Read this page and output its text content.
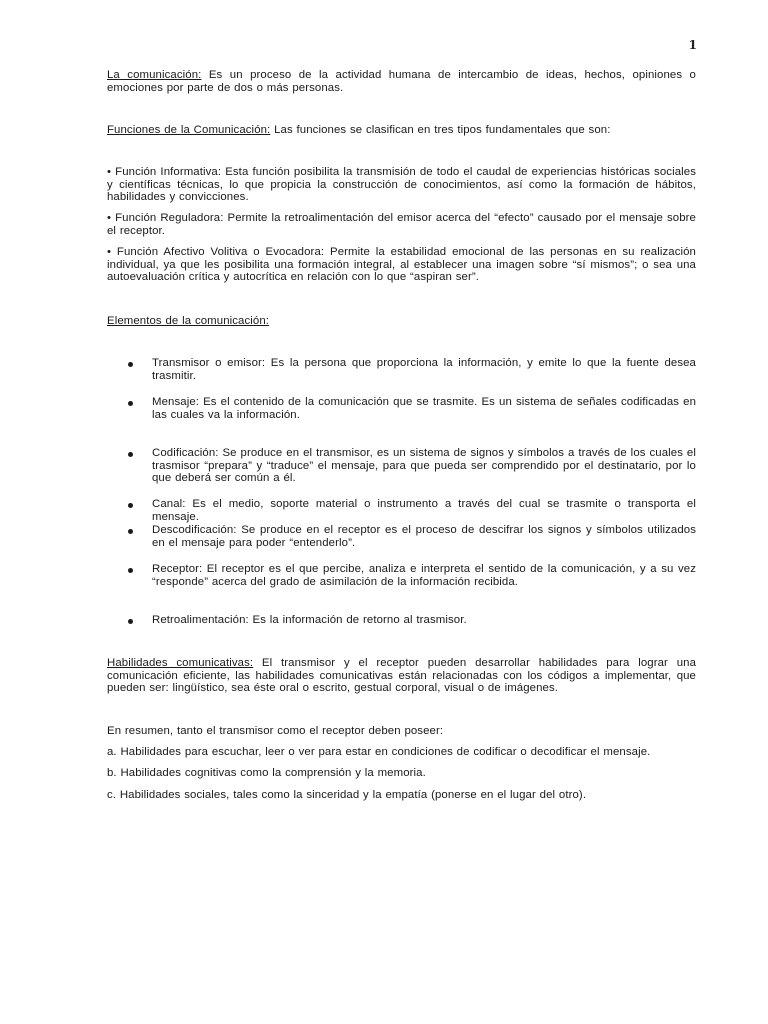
1
La comunicación: Es un proceso de la actividad humana de intercambio de ideas, hechos, opiniones o emociones por parte de dos o más personas.
Funciones de la Comunicación: Las funciones se clasifican en tres tipos fundamentales que son:
• Función Informativa: Esta función posibilita la transmisión de todo el caudal de experiencias históricas sociales y científicas técnicas, lo que propicia la construcción de conocimientos, así como la formación de hábitos, habilidades y convicciones.
• Función Reguladora: Permite la retroalimentación del emisor acerca del “efecto” causado por el mensaje sobre el receptor.
• Función Afectivo Volitiva o Evocadora: Permite la estabilidad emocional de las personas en su realización individual, ya que les posibilita una formación integral, al establecer una imagen sobre “sí mismos”; o sea una autoevaluación crítica y autocrítica en relación con lo que “aspiran ser”.
Elementos de la comunicación:
Transmisor o emisor: Es la persona que proporciona la información, y emite lo que la fuente desea trasmitir.
Mensaje: Es el contenido de la comunicación que se trasmite. Es un sistema de señales codificadas en las cuales va la información.
Codificación: Se produce en el transmisor, es un sistema de signos y símbolos a través de los cuales el trasmisor “prepara” y “traduce” el mensaje, para que pueda ser comprendido por el destinatario, por lo que deberá ser común a él.
Canal: Es el medio, soporte material o instrumento a través del cual se trasmite o transporta el mensaje.
Descodificación: Se produce en el receptor es el proceso de descifrar los signos y símbolos utilizados en el mensaje para poder “entenderlo”.
Receptor: El receptor es el que percibe, analiza e interpreta el sentido de la comunicación, y a su vez “responde” acerca del grado de asimilación de la información recibida.
Retroalimentación: Es la información de retorno al trasmisor.
Habilidades comunicativas: El transmisor y el receptor pueden desarrollar habilidades para lograr una comunicación eficiente, las habilidades comunicativas están relacionadas con los códigos a implementar, que pueden ser: lingüístico, sea éste oral o escrito, gestual corporal, visual o de imágenes.
En resumen, tanto el transmisor como el receptor deben poseer:
a. Habilidades para escuchar, leer o ver para estar en condiciones de codificar o decodificar el mensaje.
b. Habilidades cognitivas como la comprensión y la memoria.
c. Habilidades sociales, tales como la sinceridad y la empatía (ponerse en el lugar del otro).
